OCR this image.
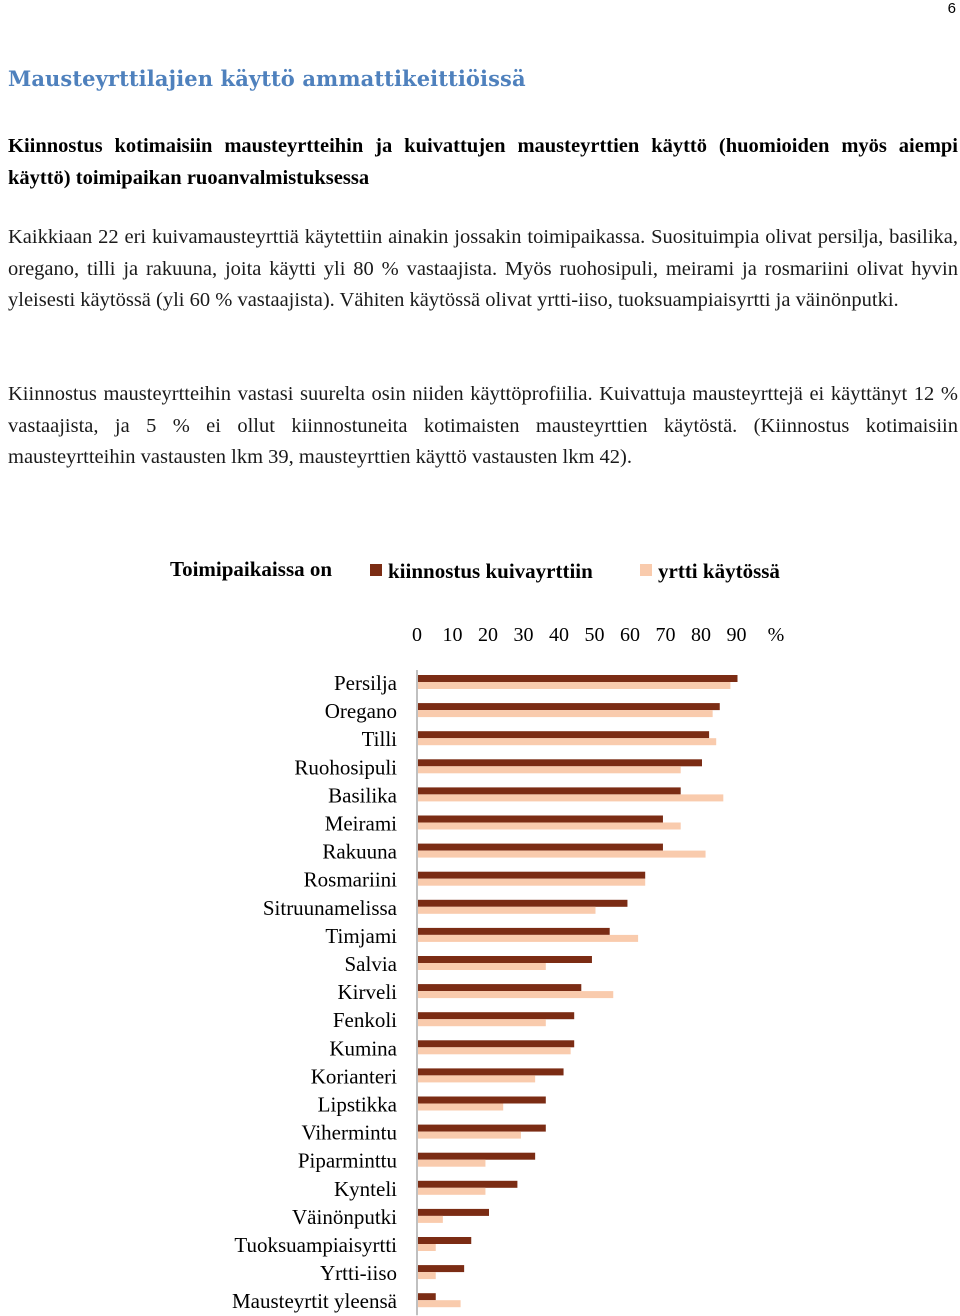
6
Mausteyrttilajien käyttö ammattikeittiöissä
Kiinnostus kotimaisiin mausteyrtteihin ja kuivattujen mausteyrttien käyttö (huomioiden myös aiempi käyttö) toimipaikan ruoanvalmistuksessa
Kaikkiaan 22 eri kuivamausteyrttiä käytettiin ainakin jossakin toimipaikassa. Suosituimpia olivat persilja, basilika, oregano, tilli ja rakuuna, joita käytti yli 80 % vastaajista. Myös ruohosipuli, meirami ja rosmariini olivat hyvin yleisesti käytössä (yli 60 % vastaajista). Vähiten käytössä olivat yrtti-iiso, tuoksuampiaisyrtti ja väinönputki.
Kiinnostus mausteyrtteihin vastasi suurelta osin niiden käyttöprofiilia. Kuivattuja mausteyrttejä ei käyttänyt 12 % vastaajista, ja 5 % ei ollut kiinnostuneita kotimaisten mausteyrttien käytöstä. (Kiinnostus kotimaisiin mausteyrtteihin vastausten lkm 39, mausteyrttien käyttö vastausten lkm 42).
Toimipaikaissa on	kiinnostus kuivayrttiin	yrtti käytössä
0 10 20 30 40 50 60 70 80 90 %
Persilja
Oregano
Tilli
Ruohosipuli
Basilika
Meirami
Rakuuna
Rosmariini
Sitruunamelissa
Timjami
Salvia
Kirveli
Fenkoli
Kumina
Korianteri
Lipstikka
Vihermintu
Piparminttu
Kynteli
Väinönputki
Tuoksuampiaisyrtti
Yrtti-iiso
Mausteyrtit yleensä
